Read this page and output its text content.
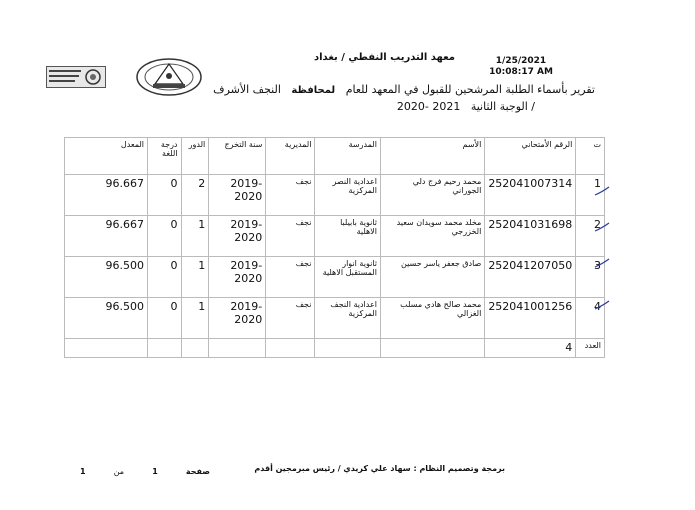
معهد التدريب النفطي / بغداد	1/25/2021
10:08:17 AM
تقرير بأسماء الطلبة المرشحين للقبول في المعهد للعام   لمحافظة   النجف الأشرف
/ الوجبة الثانية   2020- 2021
ت	الرقم الأمتحاني	الأسم	المدرسة	المديرية	سنة التخرج	الدور	درجة اللغة	المعدل
1	252041007314	محمد رحيم فرج دلي الجوراني	اعدادية النصر المركزية	نجف	2019-2020	2	0	96.667
2	252041031698	مخلد محمد سويدان سعيد الخزرجي	ثانوية بابيلبا الاهلية	نجف	2019-2020	1	0	96.667
3	252041207050	صادق جعفر ياسر حسين	ثانوية انوار المستقبل الاهلية	نجف	2019-2020	1	0	96.500
4	252041001256	محمد صالح هادي مسلب الغزالي	اعدادية النجف المركزية	نجف	2019-2020	1	0	96.500
العدد	4							
برمجة وتصميم النظام : سهاد علي كريدي / رئيس مبرمجين أقدم
صفحة
1
من
1
